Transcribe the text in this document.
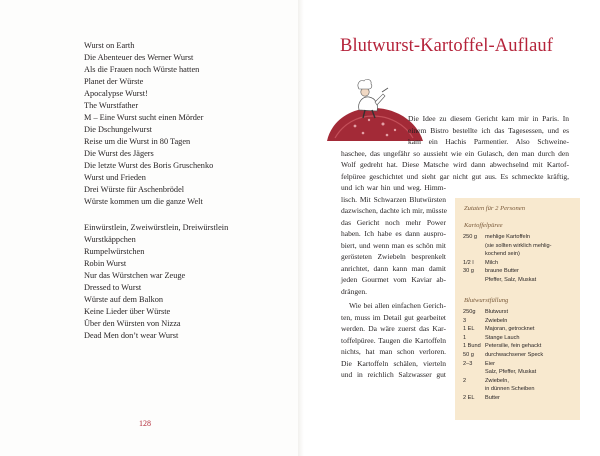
Wurst on Earth
Die Abenteuer des Werner Wurst
Als die Frauen noch Würste hatten
Planet der Würste
Apocalypse Wurst!
The Wurstfather
M – Eine Wurst sucht einen Mörder
Die Dschungelwurst
Reise um die Wurst in 80 Tagen
Die Wurst des Jägers
Die letzte Wurst des Boris Gruschenko
Wurst und Frieden
Drei Würste für Aschenbrödel
Würste kommen um die ganze Welt
Einwürstlein, Zweiwürstlein, Dreiwürstlein
Wurstkäppchen
Rumpelwürstchen
Robin Wurst
Nur das Würstchen war Zeuge
Dressed to Wurst
Würste auf dem Balkon
Keine Lieder über Würste
Über den Würsten von Nizza
Dead Men don’t wear Wurst
128
Blutwurst-Kartoffel-Auflauf
Die Idee zu diesem Gericht kam mir in Paris. In
einem Bistro bestellte ich das Tagesessen, und es
kam ein Hachis Parmentier. Also Schweine-
haschee, das ungefähr so aussieht wie ein Gulasch, den man durch den
Wolf gedreht hat. Diese Matsche wird dann abwechselnd mit Kartof-
felpüree geschichtet und sieht gar nicht gut aus. Es schmeckte kräftig,
und ich war hin und weg. Himm-
lisch. Mit Schwarzen Blutwürsten
dazwischen, dachte ich mir, müsste
das Gericht noch mehr Power
haben. Ich habe es dann auspro-
biert, und wenn man es schön mit
gerösteten Zwiebeln besprenkelt
anrichtet, dann kann man damit
jeden Gourmet vom Kaviar ab-
drängen.
Wie bei allen einfachen Gerich-
ten, muss im Detail gut gearbeitet
werden. Da wäre zuerst das Kar-
toffelpüree. Taugen die Kartoffeln
nichts, hat man schon verloren.
Die Kartoffeln schälen, vierteln
und in reichlich Salzwasser gut
Zutaten für 2 Personen
Kartoffelpüree
250 g mehlige Kartoffeln
(sie sollten wirklich mehlig-
kochend sein)
1/2 l Milch
30 g braune Butter
Pfeffer, Salz, Muskat
Blutwurstfüllung
250g Blutwurst
3	Zwiebeln
1 EL Majoran, getrocknet
1	Stange Lauch
1 Bund Petersilie, fein gehackt
50 g durchwachsener Speck
2–3 Eier
Salz, Pfeffer, Muskat
2	Zwiebeln,
in dünnen Scheiben
2 EL Butter
